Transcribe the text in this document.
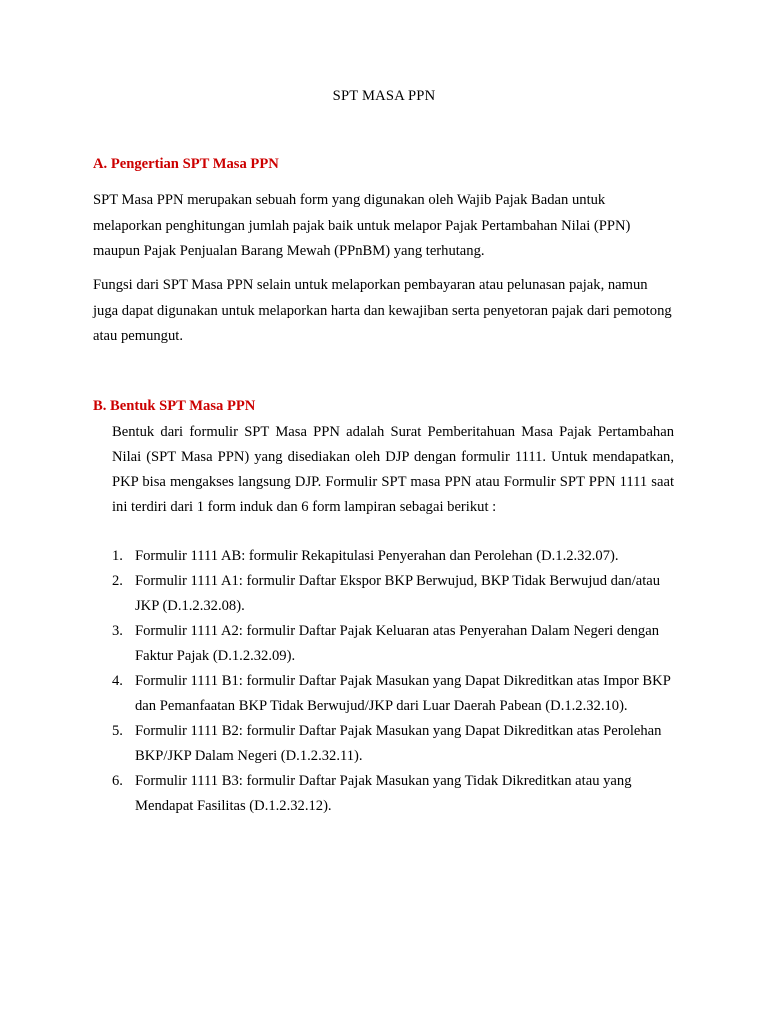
SPT MASA PPN
A. Pengertian SPT Masa PPN
SPT Masa PPN merupakan sebuah form yang digunakan oleh Wajib Pajak Badan untuk melaporkan penghitungan jumlah pajak baik untuk melapor Pajak Pertambahan Nilai (PPN) maupun Pajak Penjualan Barang Mewah (PPnBM) yang terhutang.
Fungsi dari SPT Masa PPN selain untuk melaporkan pembayaran atau pelunasan pajak, namun juga dapat digunakan untuk melaporkan harta dan kewajiban serta penyetoran pajak dari pemotong atau pemungut.
B. Bentuk SPT Masa PPN
Bentuk dari formulir SPT Masa PPN adalah Surat Pemberitahuan Masa Pajak Pertambahan Nilai (SPT Masa PPN) yang disediakan oleh DJP dengan formulir 1111. Untuk mendapatkan, PKP bisa mengakses langsung DJP. Formulir SPT masa PPN atau Formulir SPT PPN 1111 saat ini terdiri dari 1 form induk dan 6 form lampiran sebagai berikut :
1. Formulir 1111 AB: formulir Rekapitulasi Penyerahan dan Perolehan (D.1.2.32.07).
2. Formulir 1111 A1: formulir Daftar Ekspor BKP Berwujud, BKP Tidak Berwujud dan/atau JKP (D.1.2.32.08).
3. Formulir 1111 A2: formulir Daftar Pajak Keluaran atas Penyerahan Dalam Negeri dengan Faktur Pajak (D.1.2.32.09).
4. Formulir 1111 B1: formulir Daftar Pajak Masukan yang Dapat Dikreditkan atas Impor BKP dan Pemanfaatan BKP Tidak Berwujud/JKP dari Luar Daerah Pabean (D.1.2.32.10).
5. Formulir 1111 B2: formulir Daftar Pajak Masukan yang Dapat Dikreditkan atas Perolehan BKP/JKP Dalam Negeri (D.1.2.32.11).
6. Formulir 1111 B3: formulir Daftar Pajak Masukan yang Tidak Dikreditkan atau yang Mendapat Fasilitas (D.1.2.32.12).
